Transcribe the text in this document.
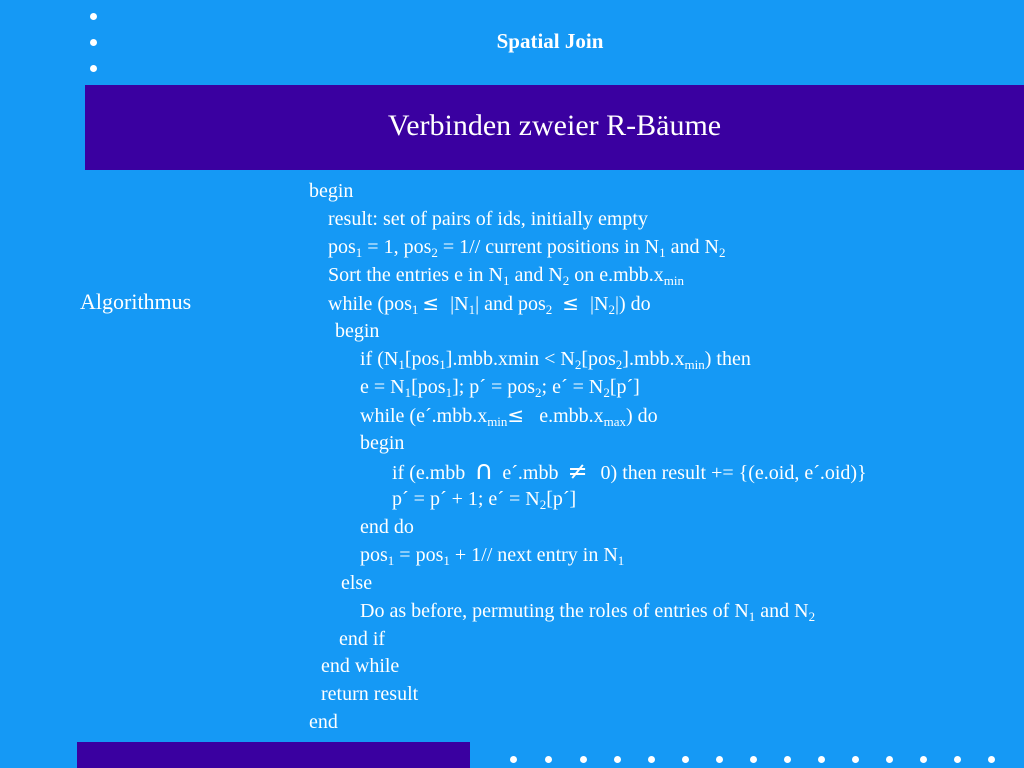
Spatial Join
Verbinden zweier R-Bäume
Algorithmus
begin
result: set of pairs of ids, initially empty
pos$_1$ = 1, pos$_2$ = 1// current positions in $N_1$ and $N_2$
Sort the entries e in $N_1$ and $N_2$ on $e.mbb.x_{min}$
while ($pos_1 \le |N_1|$ and $pos_2 \le |N_2|$) do
begin
if $(N_1[pos_1].mbb.xmin < N_2[pos_2].mbb.x_{min})$ then
$e = N_1[pos_1]$; p´ = pos$_2$; e´ = $N_2[p´]$
while $(e´.mbb.x_{min}\le e.mbb.x_{max})$ do
begin
if (e.mbb ∩ e´.mbb ≠ 0) then result += {(e.oid, e´.oid)}
p´ = p´ + 1; e´ = $N_2[p´]$
end do
pos$_1$ = pos$_1$ + 1// next entry in $N_1$
else
Do as before, permuting the roles of entries of $N_1$ and $N_2$
end if
end while
return result
end
